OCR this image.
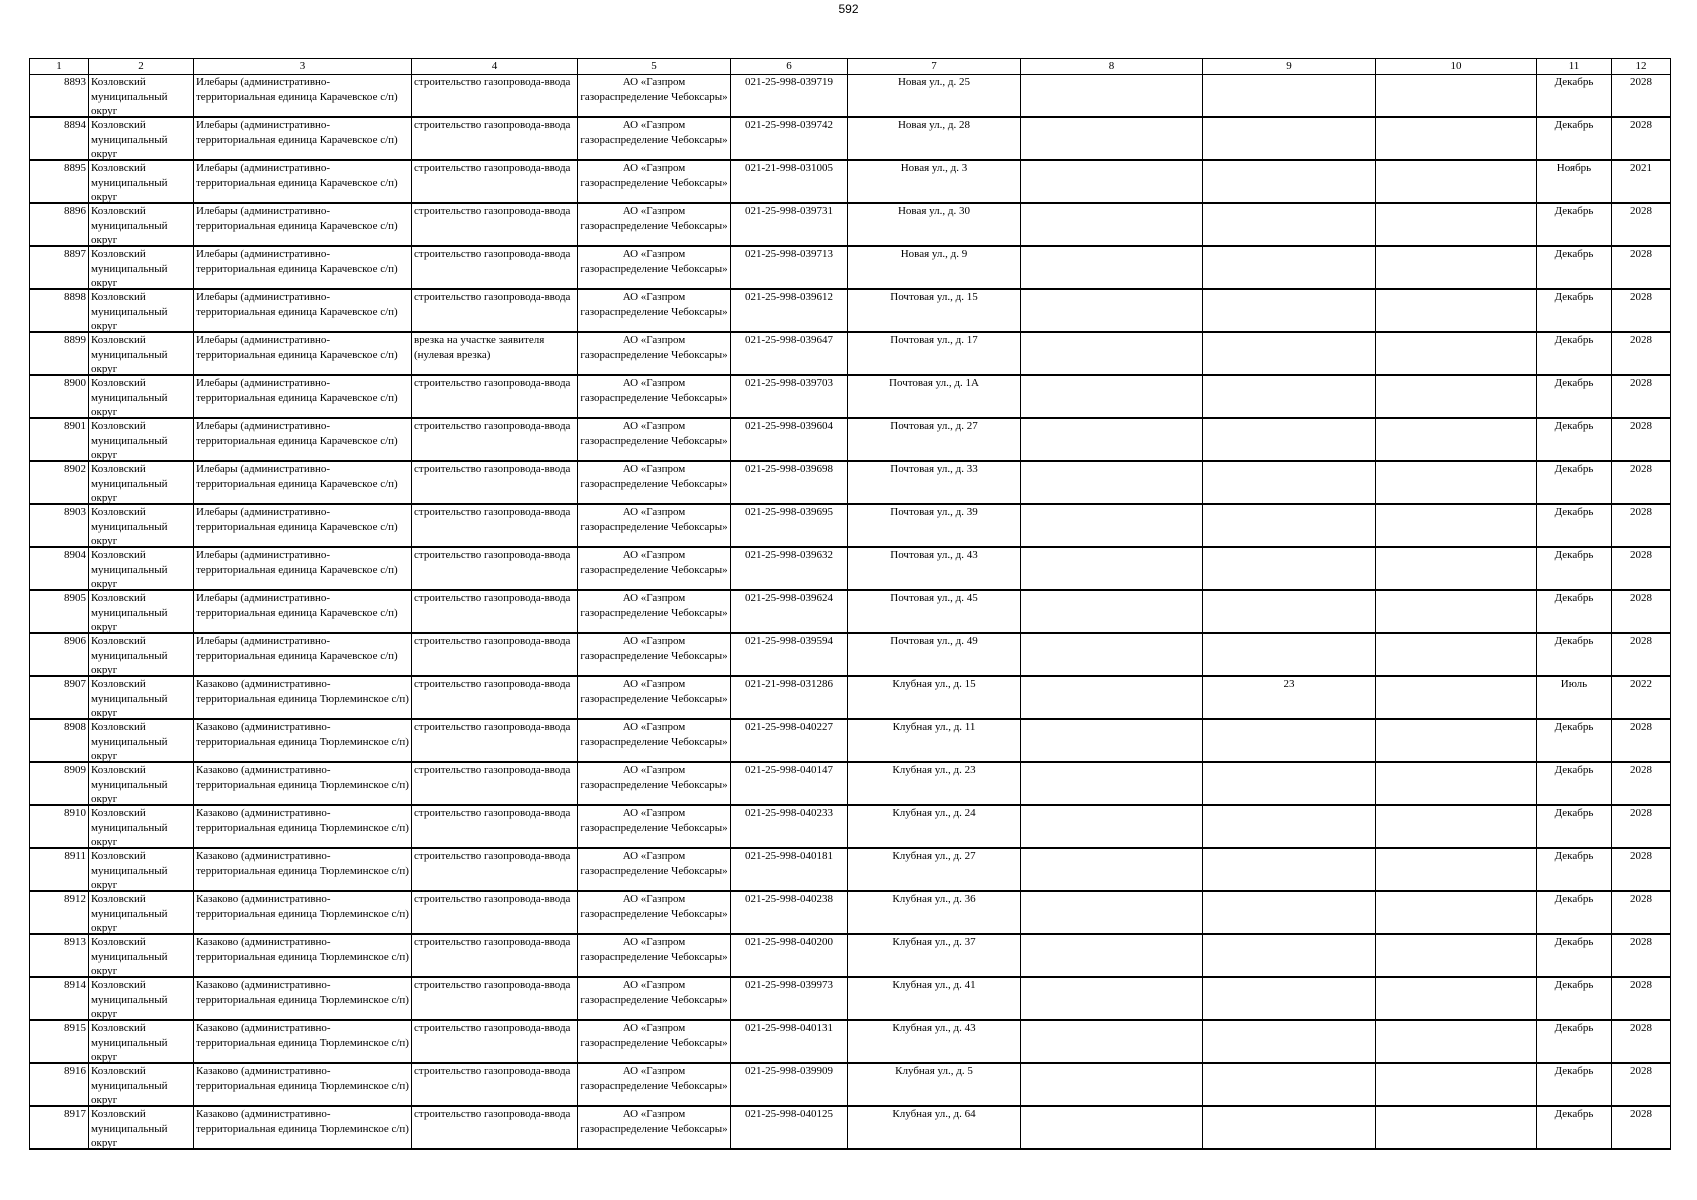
592
1	2	3	4	5	6	7	8	9	10	11	12

8893	Козловский муниципальный округ	Илебары (административно-территориальная единица Карачевское с/п)	строительство газопровода-ввода	АО «Газпром газораспределение Чебоксары»	021-25-998-039719	Новая ул., д. 25				Декабрь	2028

8894	Козловский муниципальный округ	Илебары (административно-территориальная единица Карачевское с/п)	строительство газопровода-ввода	АО «Газпром газораспределение Чебоксары»	021-25-998-039742	Новая ул., д. 28				Декабрь	2028

8895	Козловский муниципальный округ	Илебары (административно-территориальная единица Карачевское с/п)	строительство газопровода-ввода	АО «Газпром газораспределение Чебоксары»	021-21-998-031005	Новая ул., д. 3				Ноябрь	2021

8896	Козловский муниципальный округ	Илебары (административно-территориальная единица Карачевское с/п)	строительство газопровода-ввода	АО «Газпром газораспределение Чебоксары»	021-25-998-039731	Новая ул., д. 30				Декабрь	2028

8897	Козловский муниципальный округ	Илебары (административно-территориальная единица Карачевское с/п)	строительство газопровода-ввода	АО «Газпром газораспределение Чебоксары»	021-25-998-039713	Новая ул., д. 9				Декабрь	2028

8898	Козловский муниципальный округ	Илебары (административно-территориальная единица Карачевское с/п)	строительство газопровода-ввода	АО «Газпром газораспределение Чебоксары»	021-25-998-039612	Почтовая ул., д. 15				Декабрь	2028

8899	Козловский муниципальный округ	Илебары (административно-территориальная единица Карачевское с/п)	врезка на участке заявителя (нулевая врезка)	АО «Газпром газораспределение Чебоксары»	021-25-998-039647	Почтовая ул., д. 17				Декабрь	2028

8900	Козловский муниципальный округ	Илебары (административно-территориальная единица Карачевское с/п)	строительство газопровода-ввода	АО «Газпром газораспределение Чебоксары»	021-25-998-039703	Почтовая ул., д. 1А				Декабрь	2028

8901	Козловский муниципальный округ	Илебары (административно-территориальная единица Карачевское с/п)	строительство газопровода-ввода	АО «Газпром газораспределение Чебоксары»	021-25-998-039604	Почтовая ул., д. 27				Декабрь	2028

8902	Козловский муниципальный округ	Илебары (административно-территориальная единица Карачевское с/п)	строительство газопровода-ввода	АО «Газпром газораспределение Чебоксары»	021-25-998-039698	Почтовая ул., д. 33				Декабрь	2028

8903	Козловский муниципальный округ	Илебары (административно-территориальная единица Карачевское с/п)	строительство газопровода-ввода	АО «Газпром газораспределение Чебоксары»	021-25-998-039695	Почтовая ул., д. 39				Декабрь	2028

8904	Козловский муниципальный округ	Илебары (административно-территориальная единица Карачевское с/п)	строительство газопровода-ввода	АО «Газпром газораспределение Чебоксары»	021-25-998-039632	Почтовая ул., д. 43				Декабрь	2028

8905	Козловский муниципальный округ	Илебары (административно-территориальная единица Карачевское с/п)	строительство газопровода-ввода	АО «Газпром газораспределение Чебоксары»	021-25-998-039624	Почтовая ул., д. 45				Декабрь	2028

8906	Козловский муниципальный округ	Илебары (административно-территориальная единица Карачевское с/п)	строительство газопровода-ввода	АО «Газпром газораспределение Чебоксары»	021-25-998-039594	Почтовая ул., д. 49				Декабрь	2028

8907	Козловский муниципальный округ	Казаково (административно-территориальная единица Тюрлеминское с/п)	строительство газопровода-ввода	АО «Газпром газораспределение Чебоксары»	021-21-998-031286	Клубная ул., д. 15		23		Июль	2022

8908	Козловский муниципальный округ	Казаково (административно-территориальная единица Тюрлеминское с/п)	строительство газопровода-ввода	АО «Газпром газораспределение Чебоксары»	021-25-998-040227	Клубная ул., д. 11				Декабрь	2028

8909	Козловский муниципальный округ	Казаково (административно-территориальная единица Тюрлеминское с/п)	строительство газопровода-ввода	АО «Газпром газораспределение Чебоксары»	021-25-998-040147	Клубная ул., д. 23				Декабрь	2028

8910	Козловский муниципальный округ	Казаково (административно-территориальная единица Тюрлеминское с/п)	строительство газопровода-ввода	АО «Газпром газораспределение Чебоксары»	021-25-998-040233	Клубная ул., д. 24				Декабрь	2028

8911	Козловский муниципальный округ	Казаково (административно-территориальная единица Тюрлеминское с/п)	строительство газопровода-ввода	АО «Газпром газораспределение Чебоксары»	021-25-998-040181	Клубная ул., д. 27				Декабрь	2028

8912	Козловский муниципальный округ	Казаково (административно-территориальная единица Тюрлеминское с/п)	строительство газопровода-ввода	АО «Газпром газораспределение Чебоксары»	021-25-998-040238	Клубная ул., д. 36				Декабрь	2028

8913	Козловский муниципальный округ	Казаково (административно-территориальная единица Тюрлеминское с/п)	строительство газопровода-ввода	АО «Газпром газораспределение Чебоксары»	021-25-998-040200	Клубная ул., д. 37				Декабрь	2028

8914	Козловский муниципальный округ	Казаково (административно-территориальная единица Тюрлеминское с/п)	строительство газопровода-ввода	АО «Газпром газораспределение Чебоксары»	021-25-998-039973	Клубная ул., д. 41				Декабрь	2028

8915	Козловский муниципальный округ	Казаково (административно-территориальная единица Тюрлеминское с/п)	строительство газопровода-ввода	АО «Газпром газораспределение Чебоксары»	021-25-998-040131	Клубная ул., д. 43				Декабрь	2028

8916	Козловский муниципальный округ	Казаково (административно-территориальная единица Тюрлеминское с/п)	строительство газопровода-ввода	АО «Газпром газораспределение Чебоксары»	021-25-998-039909	Клубная ул., д. 5				Декабрь	2028

8917	Козловский муниципальный округ	Казаково (административно-территориальная единица Тюрлеминское с/п)	строительство газопровода-ввода	АО «Газпром газораспределение Чебоксары»	021-25-998-040125	Клубная ул., д. 64				Декабрь	2028
